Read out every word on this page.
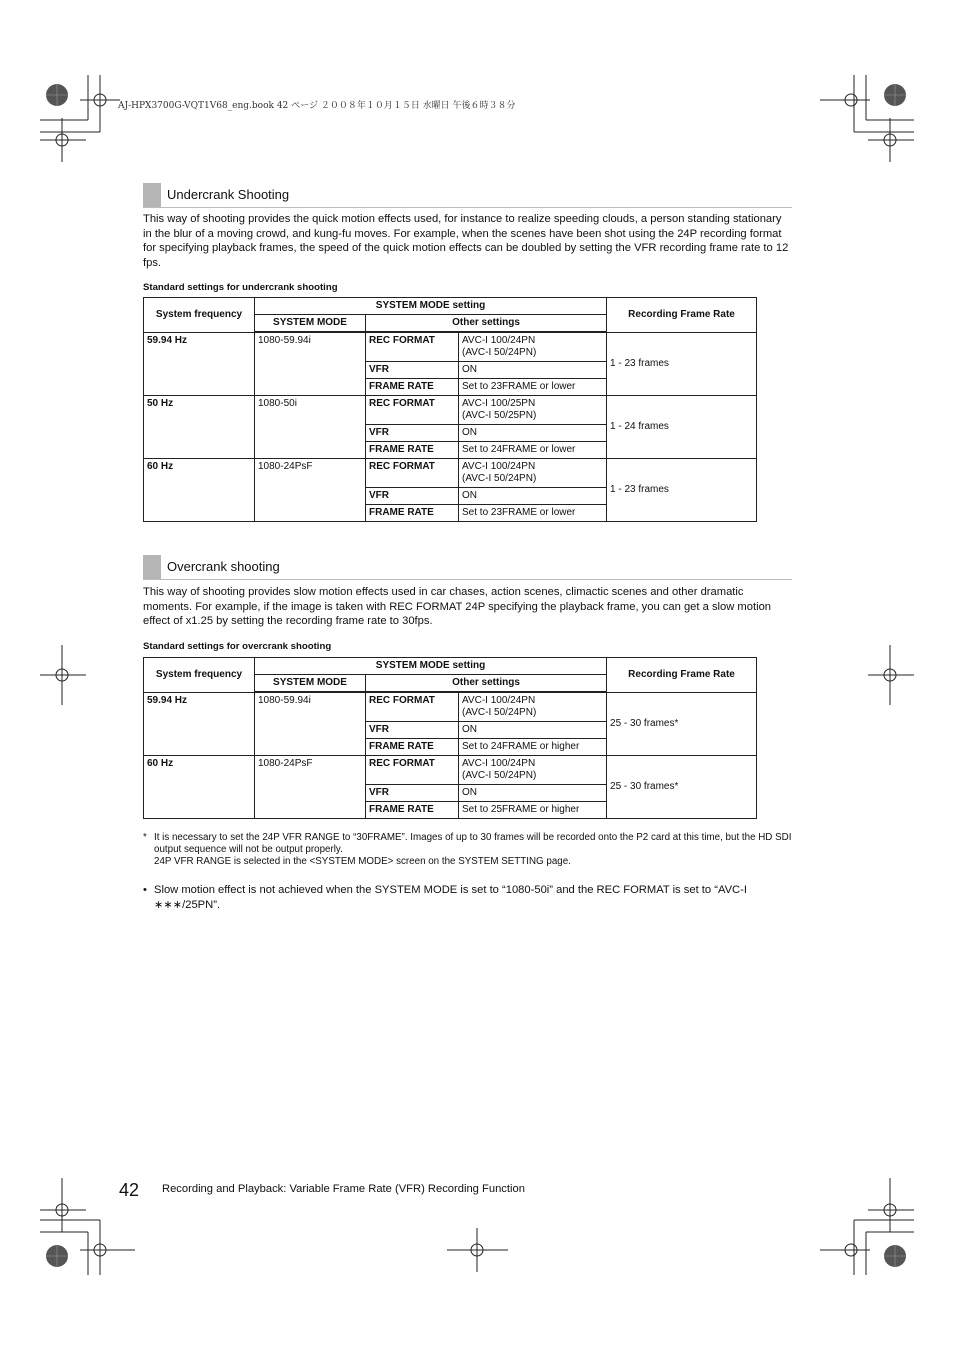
AJ-HPX3700G-VQT1V68_eng.book 42 ページ ２００８年１０月１５日 水曜日 午後６時３８分
Undercrank Shooting
This way of shooting provides the quick motion effects used, for instance to realize speeding clouds, a person standing stationary in the blur of a moving crowd, and kung-fu moves. For example, when the scenes have been shot using the 24P recording format for specifying playback frames, the speed of the quick motion effects can be doubled by setting the VFR recording frame rate to 12 fps.
Standard settings for undercrank shooting
System frequency	SYSTEM MODE setting			Recording Frame Rate
	SYSTEM MODE	Other settings		
59.94 Hz	1080-59.94i	REC FORMAT	AVC-I 100/24PN
(AVC-I 50/24PN)	1 - 23 frames
		VFR	ON	
		FRAME RATE	Set to 23FRAME or lower	
50 Hz	1080-50i	REC FORMAT	AVC-I 100/25PN
(AVC-I 50/25PN)	1 - 24 frames
		VFR	ON	
		FRAME RATE	Set to 24FRAME or lower	
60 Hz	1080-24PsF	REC FORMAT	AVC-I 100/24PN
(AVC-I 50/24PN)	1 - 23 frames
		VFR	ON	
		FRAME RATE	Set to 23FRAME or lower	
Overcrank shooting
This way of shooting provides slow motion effects used in car chases, action scenes, climactic scenes and other dramatic moments. For example, if the image is taken with REC FORMAT 24P specifying the playback frame, you can get a slow motion effect of x1.25 by setting the recording frame rate to 30fps.
Standard settings for overcrank shooting
System frequency	SYSTEM MODE setting			Recording Frame Rate
	SYSTEM MODE	Other settings		
59.94 Hz	1080-59.94i	REC FORMAT	AVC-I 100/24PN
(AVC-I 50/24PN)	25 - 30 frames*
		VFR	ON	
		FRAME RATE	Set to 24FRAME or higher	
60 Hz	1080-24PsF	REC FORMAT	AVC-I 100/24PN
(AVC-I 50/24PN)	25 - 30 frames*
		VFR	ON	
		FRAME RATE	Set to 25FRAME or higher	
* It is necessary to set the 24P VFR RANGE to “30FRAME”. Images of up to 30 frames will be recorded onto the P2 card at this time, but the HD SDI output sequence will not be output properly.
24P VFR RANGE is selected in the <SYSTEM MODE> screen on the SYSTEM SETTING page.
• Slow motion effect is not achieved when the SYSTEM MODE is set to “1080-50i” and the REC FORMAT is set to “AVC-I ∗∗∗/25PN”.
42 Recording and Playback: Variable Frame Rate (VFR) Recording Function
